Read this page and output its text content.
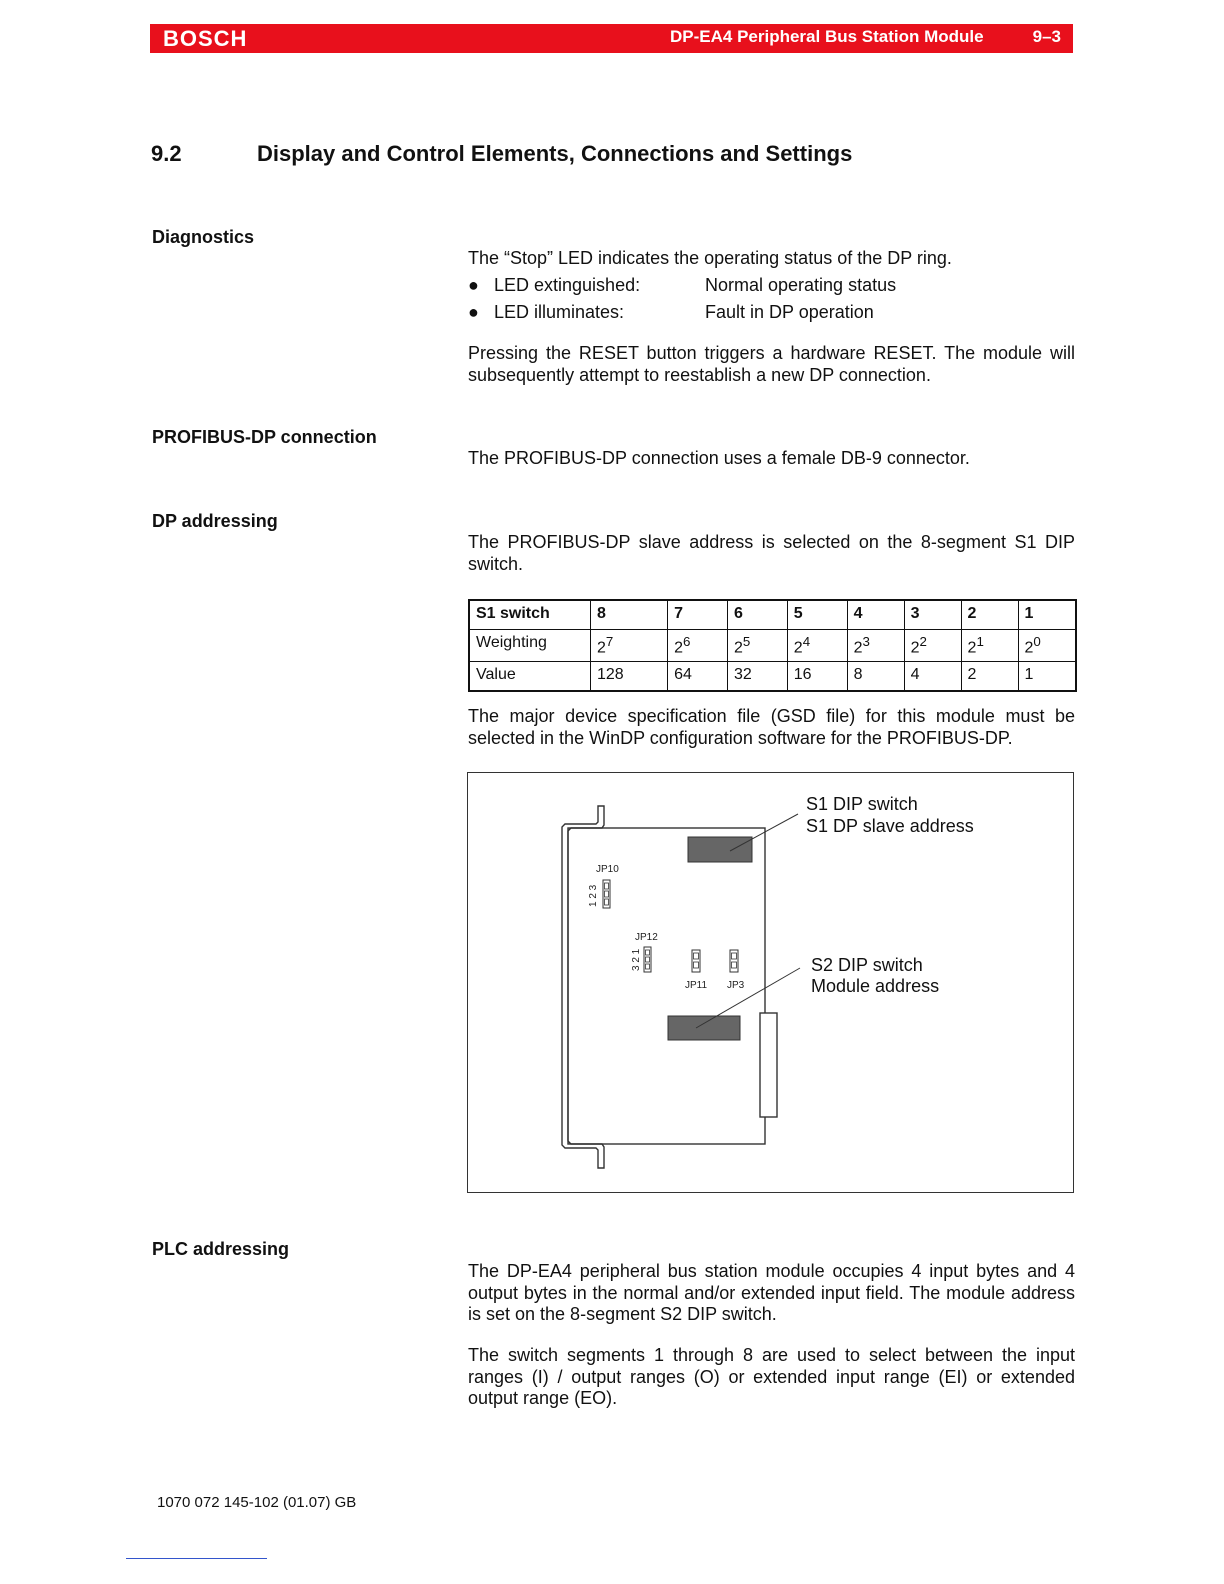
BOSCH	DP-EA4 Peripheral Bus Station Module	9–3
9.2	Display and Control Elements, Connections and Settings
Diagnostics
The “Stop” LED indicates the operating status of the DP ring.
● LED extinguished:	Normal operating status
● LED illuminates:	Fault in DP operation
Pressing the RESET button triggers a hardware RESET. The module will subsequently attempt to reestablish a new DP connection.
PROFIBUS-DP connection
The PROFIBUS-DP connection uses a female DB-9 connector.
DP addressing
The PROFIBUS-DP slave address is selected on the 8-segment S1 DIP switch.
S1 switch	8	7	6	5	4	3	2	1
Weighting	$2^7$	$2^6$	$2^5$	$2^4$	$2^3$	$2^2$	$2^1$	$2^0$
Value	128	64	32	16	8	4	2	1
The major device specification file (GSD file) for this module must be selected in the WinDP configuration software for the PROFIBUS-DP.
JP10
1 2 3
JP12
3 2 1
JP11 JP3
S1 DIP switch
S1 DP slave address
S2 DIP switch
Module address
PLC addressing
The DP-EA4 peripheral bus station module occupies 4 input bytes and 4 output bytes in the normal and/or extended input field. The module address is set on the 8-segment S2 DIP switch.
The switch segments 1 through 8 are used to select between the input ranges (I) / output ranges (O) or extended input range (EI) or extended output range (EO).
1070 072 145-102 (01.07) GB
